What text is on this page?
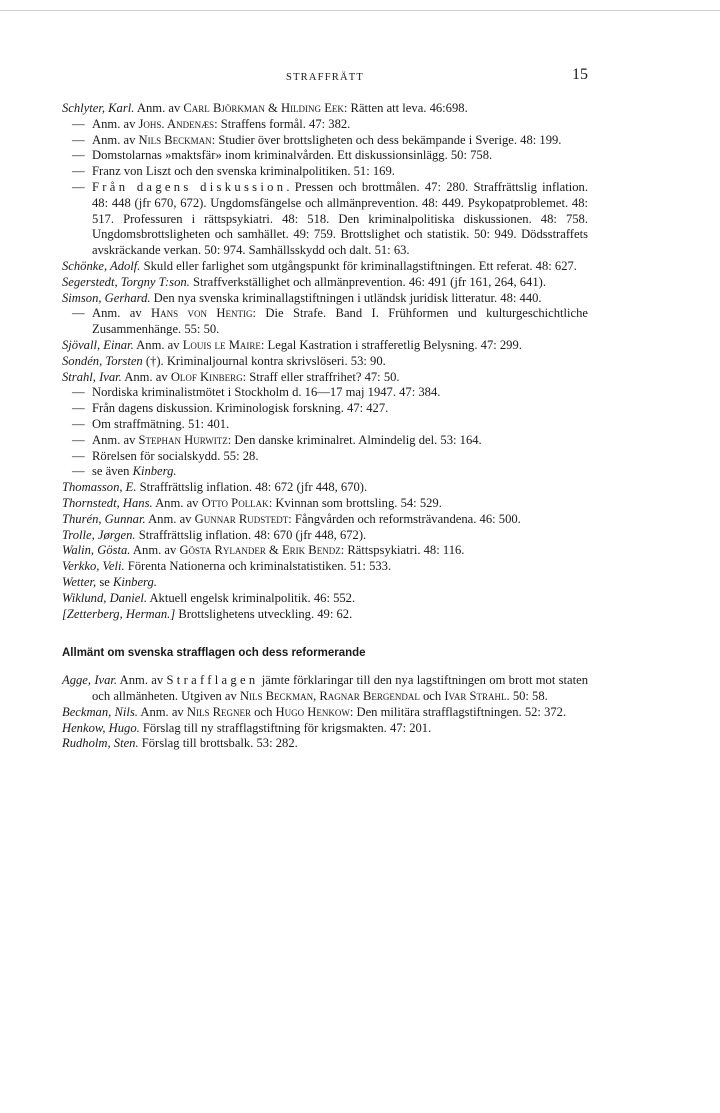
STRAFFRÄTT	15
Schlyter, Karl. Anm. av Carl Björkman & Hilding Eek: Rätten att leva. 46:698.
— Anm. av Johs. Andenæs: Straffens formål. 47: 382.
— Anm. av Nils Beckman: Studier över brottsligheten och dess bekämpande i Sverige. 48: 199.
— Domstolarnas »maktsfär» inom kriminalvården. Ett diskussionsinlägg. 50: 758.
— Franz von Liszt och den svenska kriminalpolitiken. 51: 169.
— Från dagens diskussion. Pressen och brottmålen. 47: 280. Straffrättslig inflation. 48: 448 (jfr 670, 672). Ungdomsfängelse och allmänprevention. 48: 449. Psykopatproblemet. 48: 517. Professuren i rättspsykiatri. 48: 518. Den kriminalpolitiska diskussionen. 48: 758. Ungdomsbrottsligheten och samhället. 49: 759. Brottslighet och statistik. 50: 949. Dödsstraffets avskräckande verkan. 50: 974. Samhällsskydd och dalt. 51: 63.
Schönke, Adolf. Skuld eller farlighet som utgångspunkt för kriminallagstiftningen. Ett referat. 48: 627.
Segerstedt, Torgny T:son. Straffverkställighet och allmänprevention. 46: 491 (jfr 161, 264, 641).
Simson, Gerhard. Den nya svenska kriminallagstiftningen i utländsk juridisk litteratur. 48: 440.
— Anm. av Hans von Hentig: Die Strafe. Band I. Frühformen und kulturgeschichtliche Zusammenhänge. 55: 50.
Sjövall, Einar. Anm. av Louis le Maire: Legal Kastration i strafferetlig Belysning. 47: 299.
Sondén, Torsten (†). Kriminaljournal kontra skrivslöseri. 53: 90.
Strahl, Ivar. Anm. av Olof Kinberg: Straff eller straffrihet? 47: 50.
— Nordiska kriminalistmötet i Stockholm d. 16—17 maj 1947. 47: 384.
— Från dagens diskussion. Kriminologisk forskning. 47: 427.
— Om straffmätning. 51: 401.
— Anm. av Stephan Hurwitz: Den danske kriminalret. Almindelig del. 53: 164.
— Rörelsen för socialskydd. 55: 28.
— se även Kinberg.
Thomasson, E. Straffrättslig inflation. 48: 672 (jfr 448, 670).
Thornstedt, Hans. Anm. av Otto Pollak: Kvinnan som brottsling. 54: 529.
Thurén, Gunnar. Anm. av Gunnar Rudstedt: Fångvården och reformsträvandena. 46: 500.
Trolle, Jørgen. Straffrättslig inflation. 48: 670 (jfr 448, 672).
Walin, Gösta. Anm. av Gösta Rylander & Erik Bendz: Rättspsykiatri. 48: 116.
Verkko, Veli. Förenta Nationerna och kriminalstatistiken. 51: 533.
Wetter, se Kinberg.
Wiklund, Daniel. Aktuell engelsk kriminalpolitik. 46: 552.
[Zetterberg, Herman.] Brottslighetens utveckling. 49: 62.
Allmänt om svenska strafflagen och dess reformerande
Agge, Ivar. Anm. av Strafflagen jämte förklaringar till den nya lagstiftningen om brott mot staten och allmänheten. Utgiven av Nils Beckman, Ragnar Bergendal och Ivar Strahl. 50: 58.
Beckman, Nils. Anm. av Nils Regner och Hugo Henkow: Den militära strafflagstiftningen. 52: 372.
Henkow, Hugo. Förslag till ny strafflagstiftning för krigsmakten. 47: 201.
Rudholm, Sten. Förslag till brottsbalk. 53: 282.
